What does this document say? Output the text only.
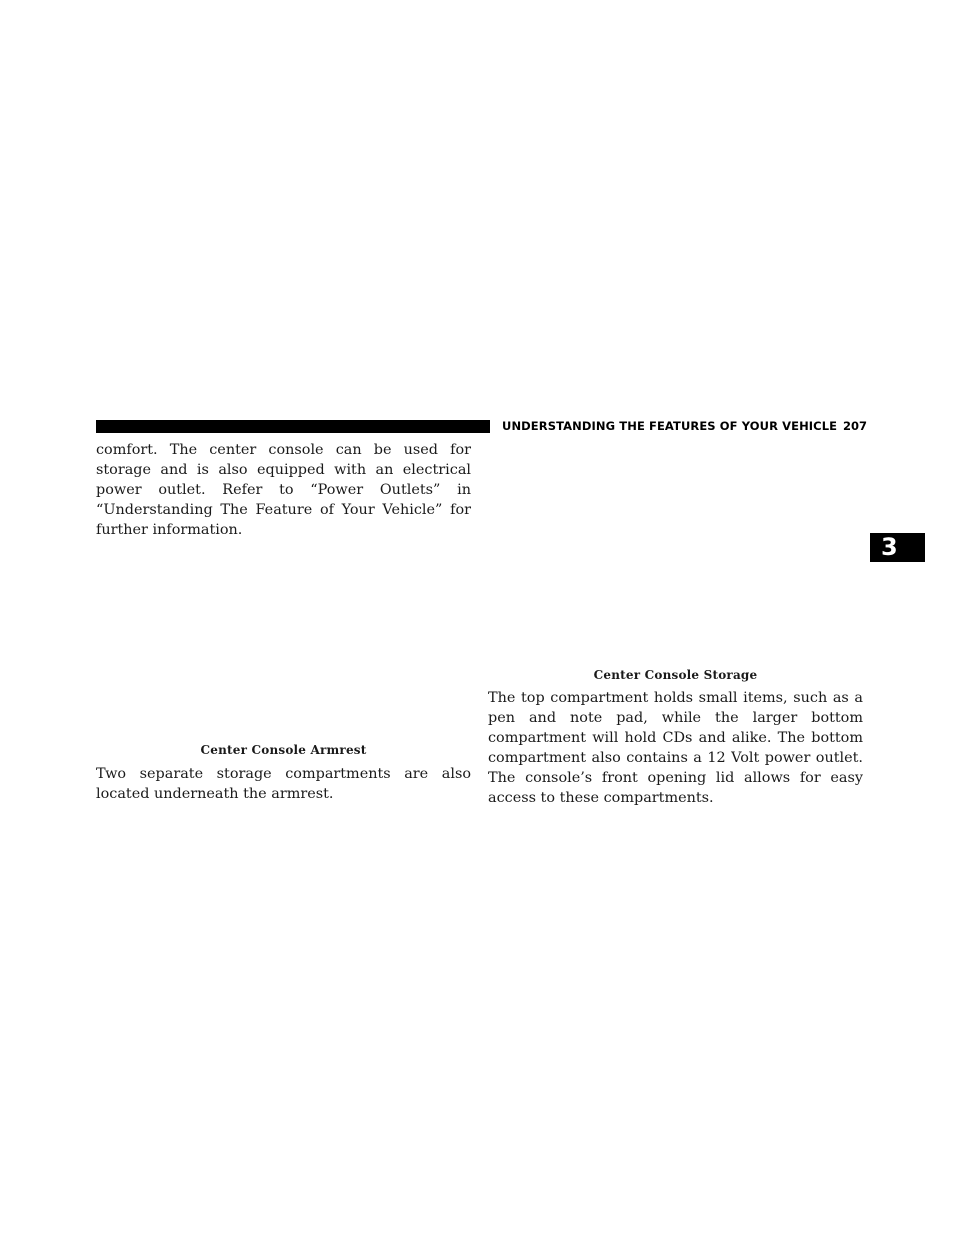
UNDERSTANDING THE FEATURES OF YOUR VEHICLE 207
3
comfort. The center console can be used for storage and is also equipped with an electrical power outlet. Refer to “Power Outlets” in “Understanding The Feature of Your Vehicle” for further information.
Center Console Armrest
Two separate storage compartments are also located underneath the armrest.
Center Console Storage
The top compartment holds small items, such as a pen and note pad, while the larger bottom compartment will hold CDs and alike. The bottom compartment also contains a 12 Volt power outlet. The console’s front opening lid allows for easy access to these compartments.
